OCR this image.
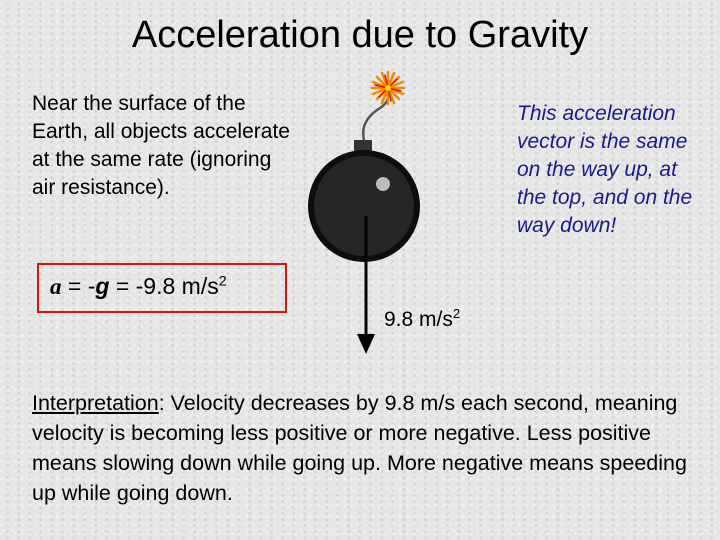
Acceleration due to Gravity
Near the surface of the Earth, all objects accelerate at the same rate (ignoring air resistance).
This acceleration vector is the same on the way up, at the top, and on the way down!
a = -g = -9.8 $m/s^2$
9.8 $m/s^2$
Interpretation: Velocity decreases by 9.8 m/s each second, meaning velocity is becoming less positive or more negative. Less positive means slowing down while going up. More negative means speeding up while going down.
